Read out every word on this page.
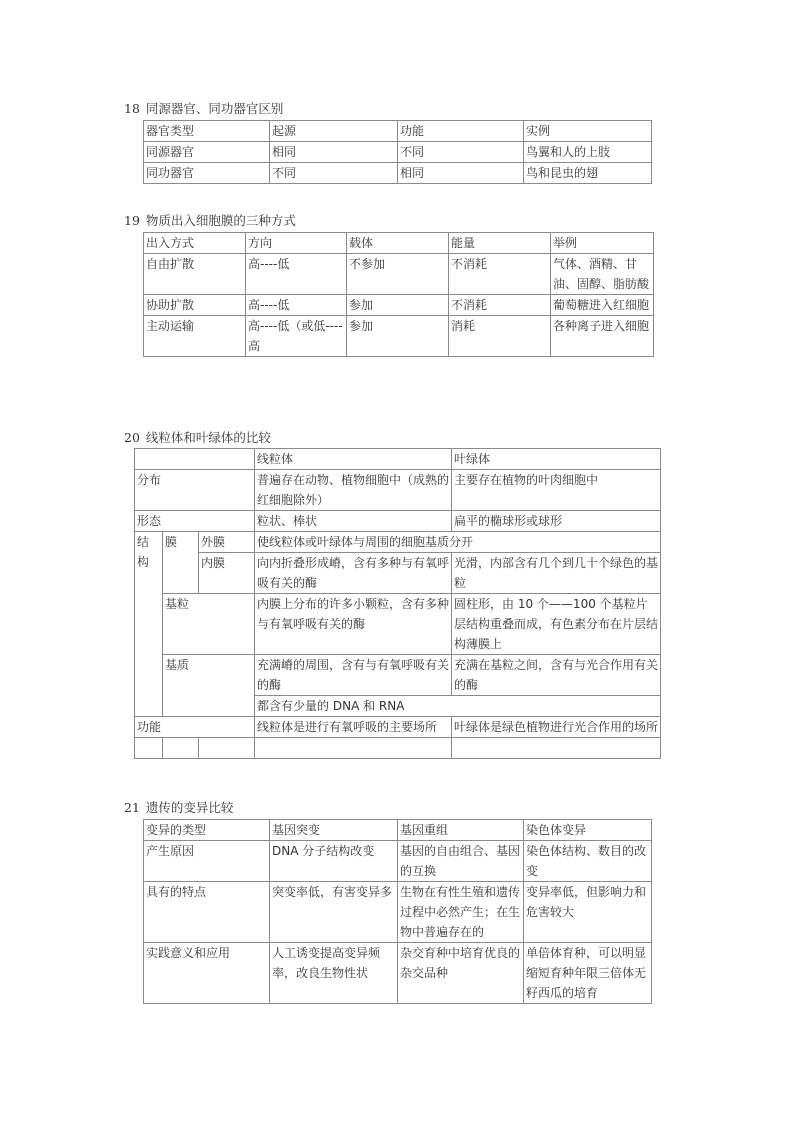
18 同源器官、同功器官区别
器官类型	起源	功能	实例
同源器官	相同	不同	鸟翼和人的上肢
同功器官	不同	相同	鸟和昆虫的翅
19 物质出入细胞膜的三种方式
出入方式	方向	载体	能量	举例
自由扩散	高----低	不参加	不消耗	气体、酒精、甘油、固醇、脂肪酸
协助扩散	高----低	参加	不消耗	葡萄糖进入红细胞
主动运输	高----低（或低----高	参加	消耗	各种离子进入细胞
20 线粒体和叶绿体的比较
			线粒体	叶绿体
分布			普遍存在动物、植物细胞中（成熟的红细胞除外）	主要存在植物的叶肉细胞中
形态			粒状、棒状	扁平的椭球形或球形
结构	膜	外膜	使线粒体或叶绿体与周围的细胞基质分开	
		内膜	向内折叠形成嵴，含有多种与有氧呼吸有关的酶	光滑，内部含有几个到几十个绿色的基粒
	基粒		内膜上分布的许多小颗粒，含有多种与有氧呼吸有关的酶	圆柱形，由 10 个——100 个基粒片层结构重叠而成，有色素分布在片层结构薄膜上
	基质		充满嵴的周围，含有与有氧呼吸有关的酶	充满在基粒之间，含有与光合作用有关的酶
			都含有少量的 DNA 和 RNA	
功能			线粒体是进行有氧呼吸的主要场所	叶绿体是绿色植物进行光合作用的场所

21 遗传的变异比较
变异的类型	基因突变	基因重组	染色体变异
产生原因	DNA 分子结构改变	基因的自由组合、基因的互换	染色体结构、数目的改变
具有的特点	突变率低，有害变异多	生物在有性生殖和遗传过程中必然产生；在生物中普遍存在的	变异率低，但影响力和危害较大
实践意义和应用	人工诱变提高变异频率，改良生物性状	杂交育种中培育优良的杂交品种	单倍体育种，可以明显缩短育种年限三倍体无籽西瓜的培育
